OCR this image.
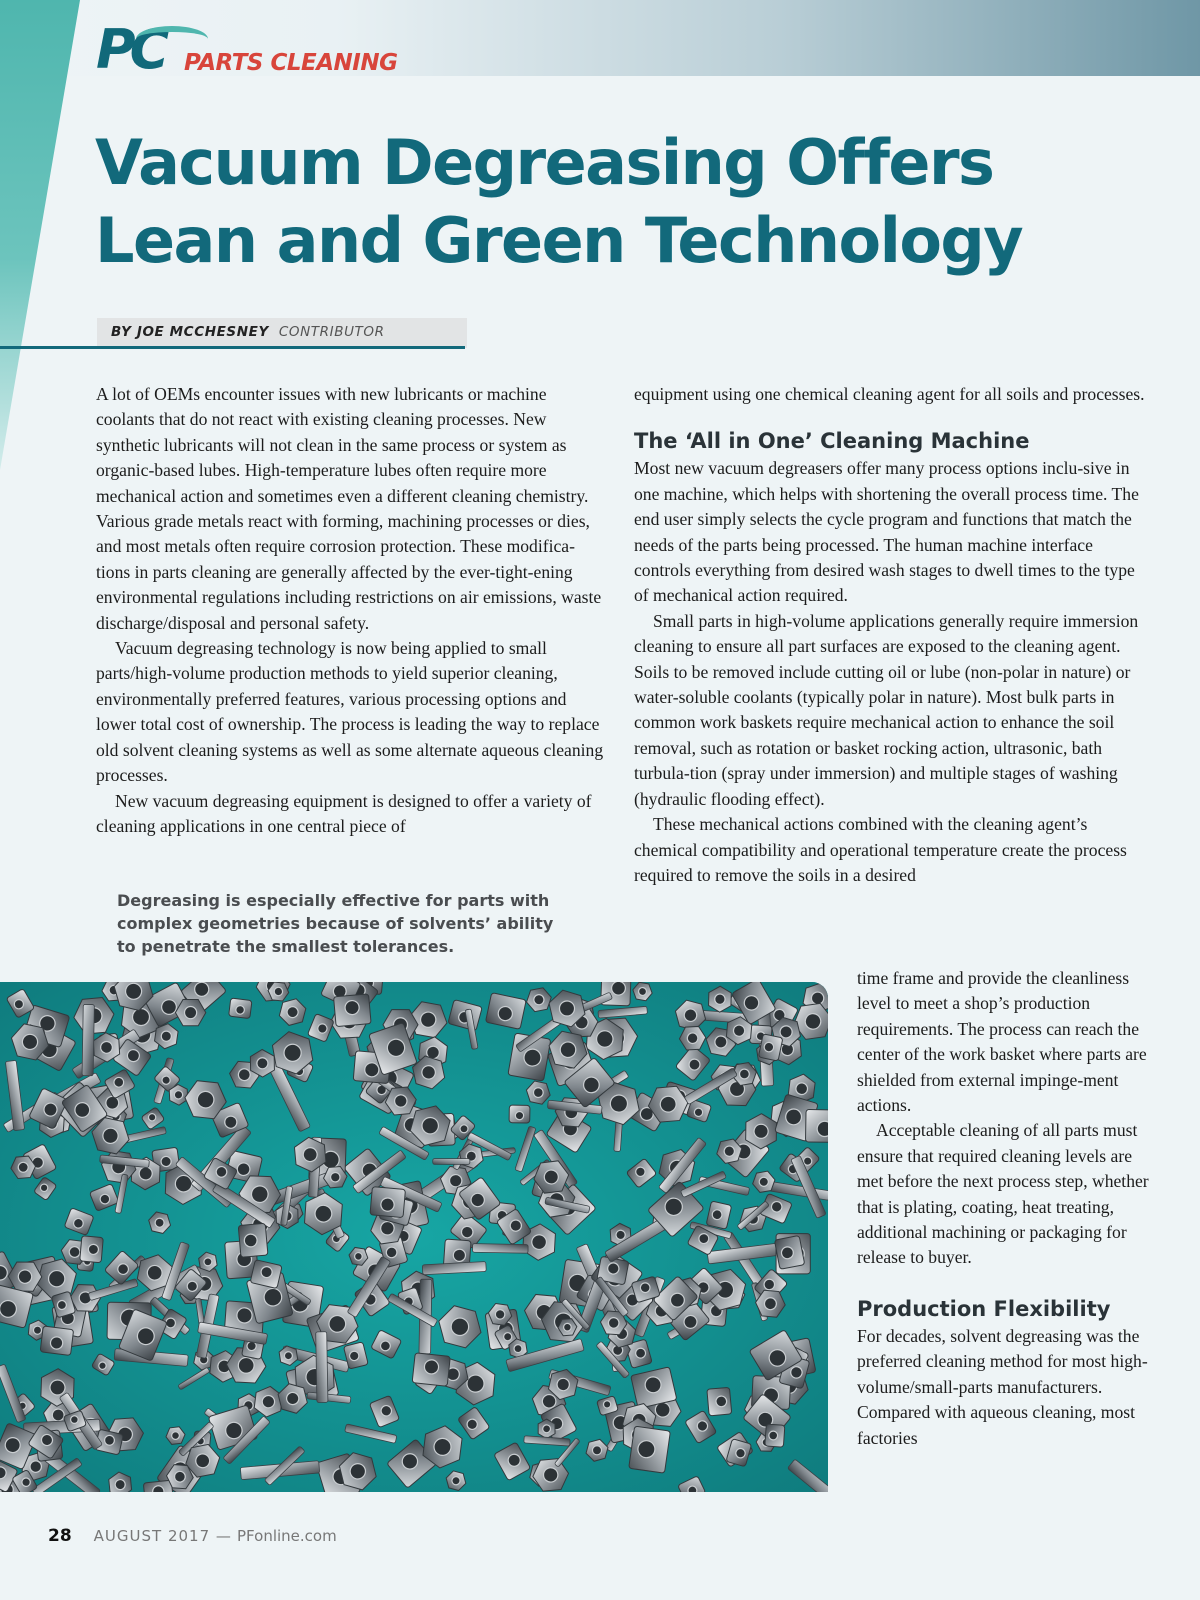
PC PARTS CLEANING
Vacuum Degreasing Offers
Lean and Green Technology
BY JOE MCCHESNEY CONTRIBUTOR

A lot of OEMs encounter issues with new lubricants or machine coolants that do not react with existing cleaning processes. New synthetic lubricants will not clean in the same process or system as organic-based lubes. High-temperature lubes often require more mechanical action and sometimes even a different cleaning chemistry. Various grade metals react with forming, machining processes or dies, and most metals often require corrosion protection. These modifica-tions in parts cleaning are generally affected by the ever-tight-ening environmental regulations including restrictions on air emissions, waste discharge/disposal and personal safety.

Vacuum degreasing technology is now being applied to small parts/high-volume production methods to yield superior cleaning, environmentally preferred features, various processing options and lower total cost of ownership. The process is leading the way to replace old solvent cleaning systems as well as some alternate aqueous cleaning processes.

New vacuum degreasing equipment is designed to offer a variety of cleaning applications in one central piece of

Degreasing is especially effective for parts with complex geometries because of solvents’ ability to penetrate the smallest tolerances.

equipment using one chemical cleaning agent for all soils and processes.

The ‘All in One’ Cleaning Machine

Most new vacuum degreasers offer many process options inclu-sive in one machine, which helps with shortening the overall process time. The end user simply selects the cycle program and functions that match the needs of the parts being processed. The human machine interface controls everything from desired wash stages to dwell times to the type of mechanical action required.

Small parts in high-volume applications generally require immersion cleaning to ensure all part surfaces are exposed to the cleaning agent. Soils to be removed include cutting oil or lube (non-polar in nature) or water-soluble coolants (typically polar in nature). Most bulk parts in common work baskets require mechanical action to enhance the soil removal, such as rotation or basket rocking action, ultrasonic, bath turbula-tion (spray under immersion) and multiple stages of washing (hydraulic flooding effect).

These mechanical actions combined with the cleaning agent’s chemical compatibility and operational temperature create the process required to remove the soils in a desired

time frame and provide the cleanliness level to meet a shop’s production requirements. The process can reach the center of the work basket where parts are shielded from external impinge-ment actions.

Acceptable cleaning of all parts must ensure that required cleaning levels are met before the next process step, whether that is plating, coating, heat treating, additional machining or packaging for release to buyer.

Production Flexibility

For decades, solvent degreasing was the preferred cleaning method for most high-volume/small-parts manufacturers. Compared with aqueous cleaning, most factories

28 AUGUST 2017 — PFonline.com
